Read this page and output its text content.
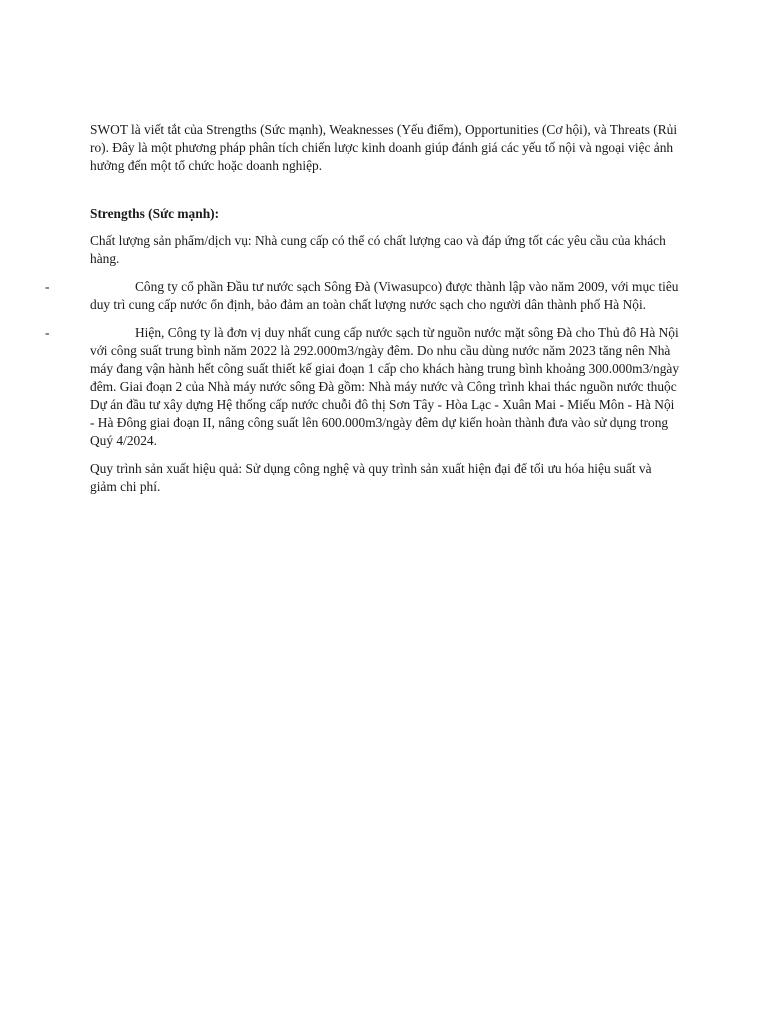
SWOT là viết tắt của Strengths (Sức mạnh), Weaknesses (Yếu điểm), Opportunities (Cơ hội), và Threats (Rủi ro). Đây là một phương pháp phân tích chiến lược kinh doanh giúp đánh giá các yếu tố nội và ngoại việc ảnh hưởng đến một tổ chức hoặc doanh nghiệp.

Strengths (Sức mạnh):

Chất lượng sản phẩm/dịch vụ: Nhà cung cấp có thể có chất lượng cao và đáp ứng tốt các yêu cầu của khách hàng.

-	Công ty cổ phần Đầu tư nước sạch Sông Đà (Viwasupco) được thành lập vào năm 2009, với mục tiêu duy trì cung cấp nước ổn định, bảo đảm an toàn chất lượng nước sạch cho người dân thành phố Hà Nội.

-	Hiện, Công ty là đơn vị duy nhất cung cấp nước sạch từ nguồn nước mặt sông Đà cho Thủ đô Hà Nội với công suất trung bình năm 2022 là 292.000m3/ngày đêm. Do nhu cầu dùng nước năm 2023 tăng nên Nhà máy đang vận hành hết công suất thiết kế giai đoạn 1 cấp cho khách hàng trung bình khoảng 300.000m3/ngày đêm. Giai đoạn 2 của Nhà máy nước sông Đà gồm: Nhà máy nước và Công trình khai thác nguồn nước thuộc Dự án đầu tư xây dựng Hệ thống cấp nước chuỗi đô thị Sơn Tây - Hòa Lạc - Xuân Mai - Miếu Môn - Hà Nội - Hà Đông giai đoạn II, nâng công suất lên 600.000m3/ngày đêm dự kiến hoàn thành đưa vào sử dụng trong Quý 4/2024.

Quy trình sản xuất hiệu quả: Sử dụng công nghệ và quy trình sản xuất hiện đại để tối ưu hóa hiệu suất và giảm chi phí.
